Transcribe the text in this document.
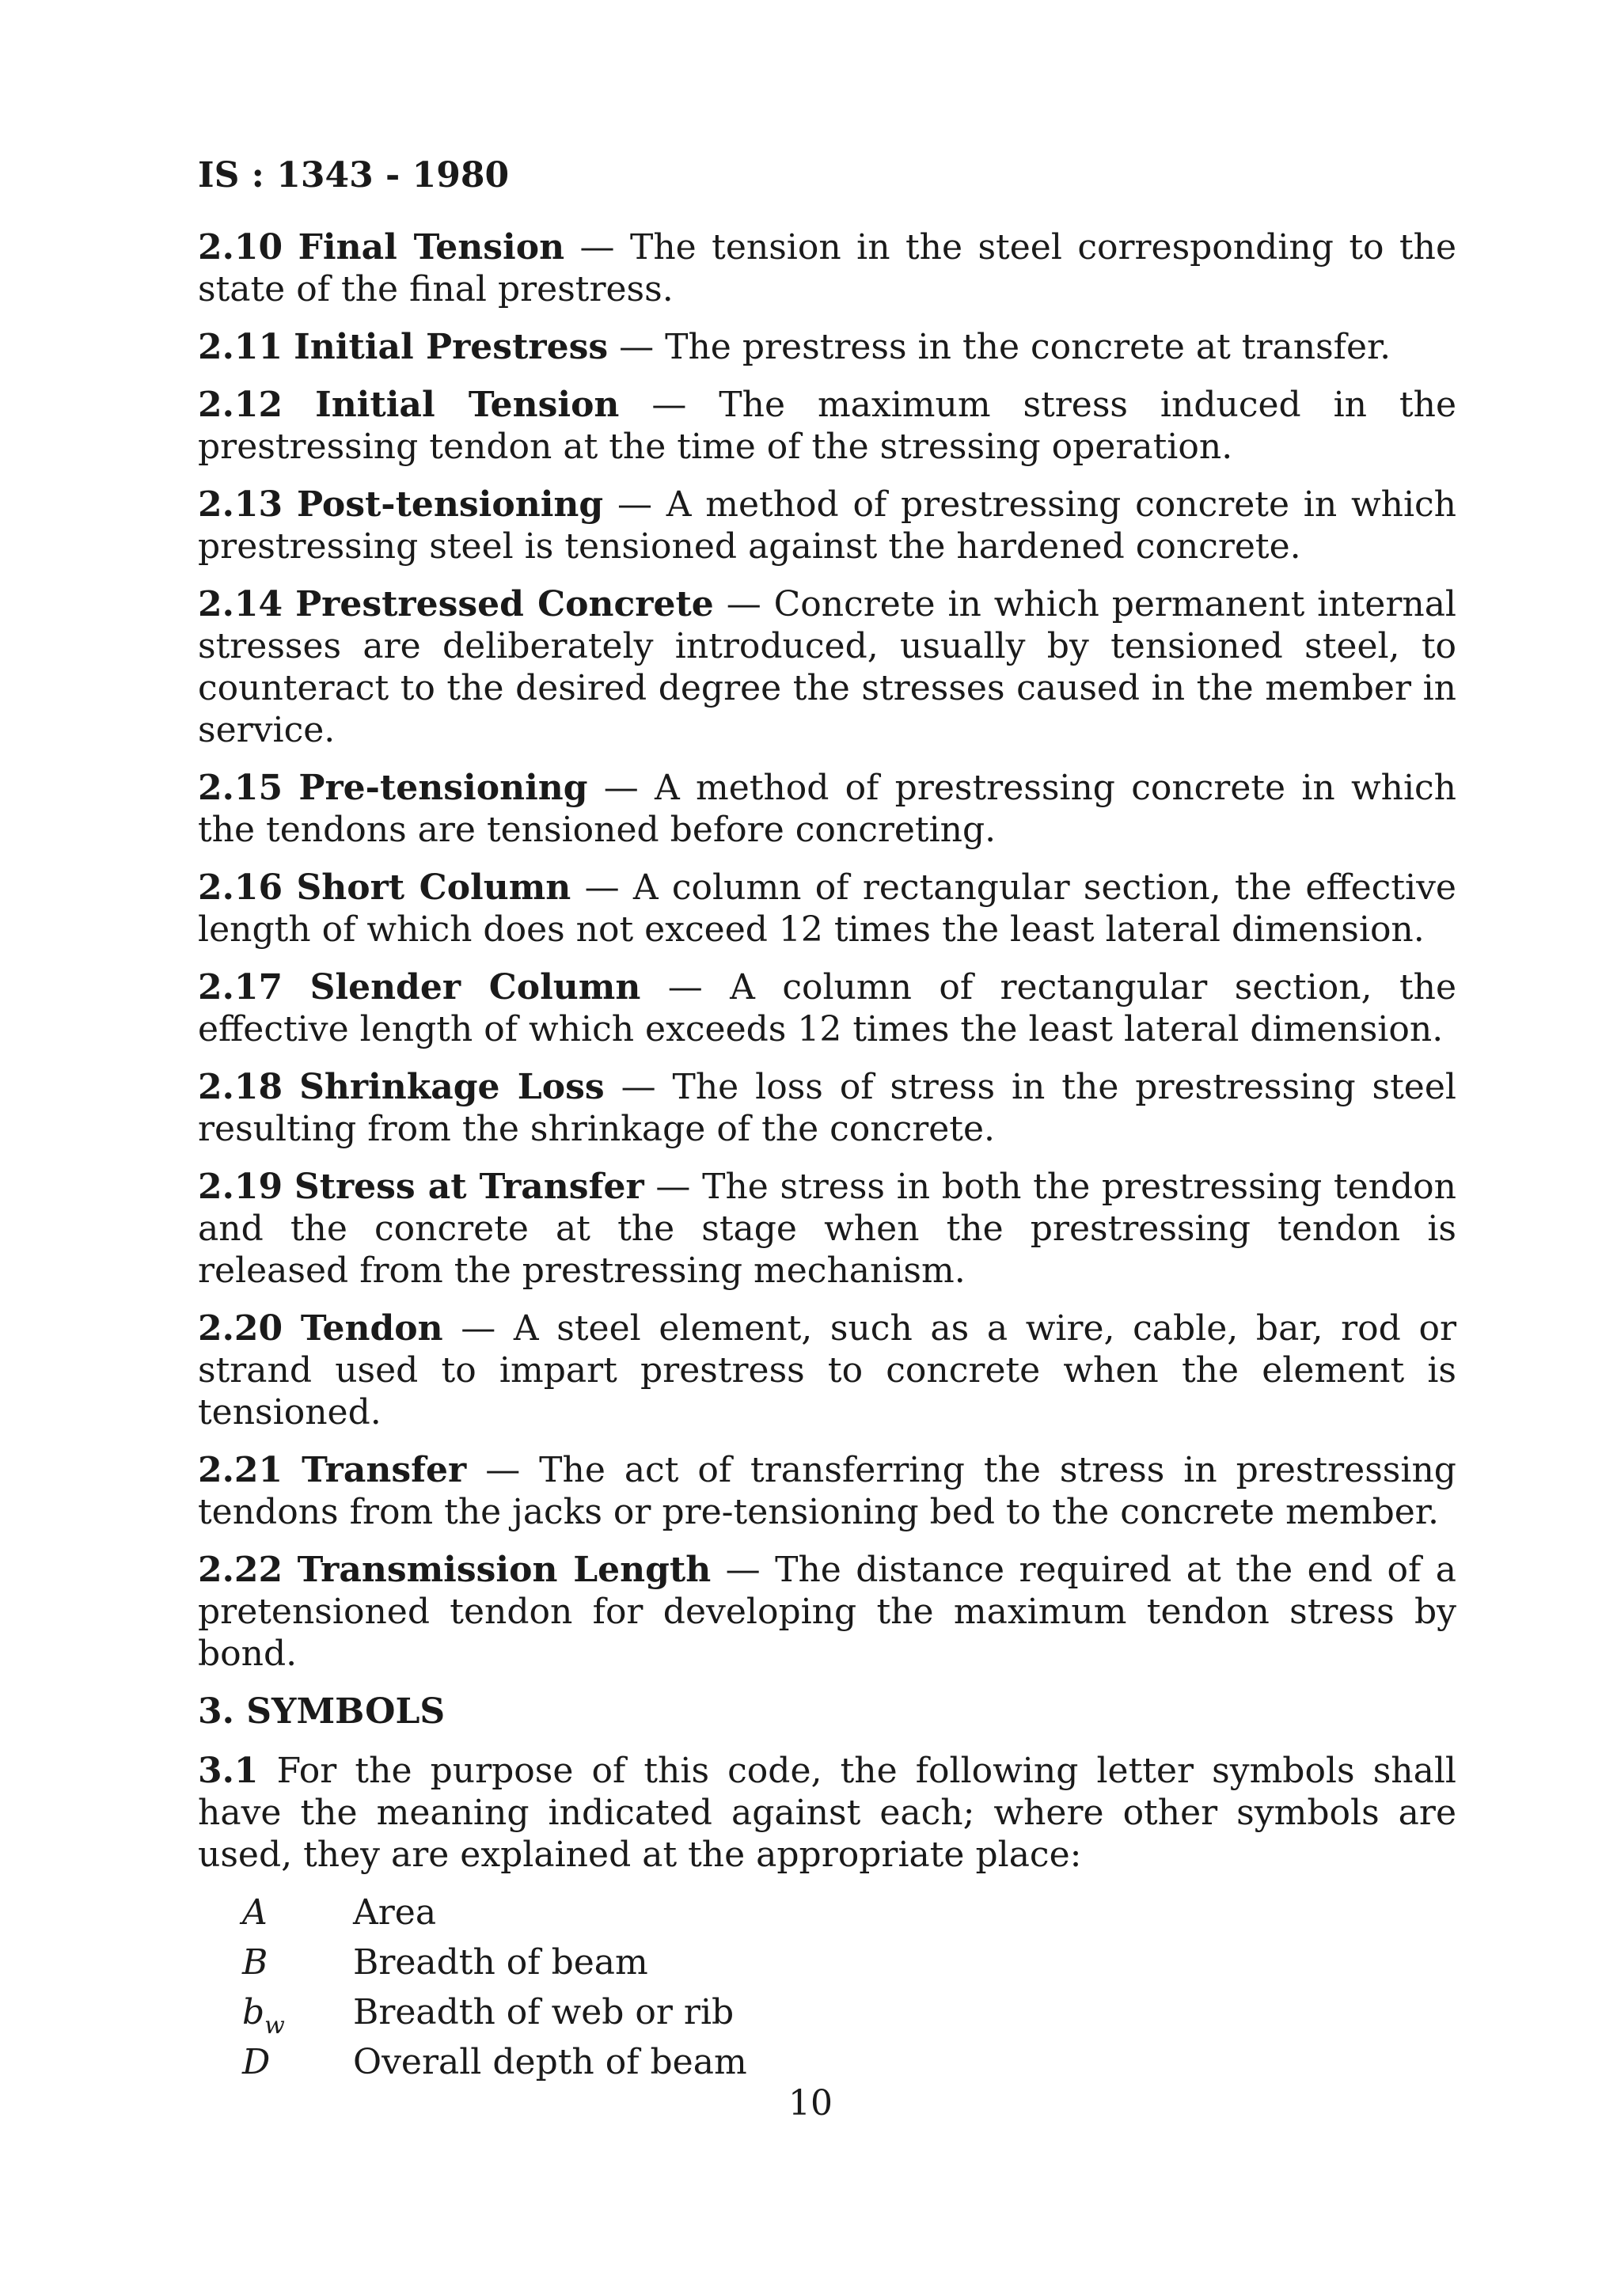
IS : 1343 - 1980

2.10 Final Tension — The tension in the steel corresponding to the state of the final prestress.

2.11 Initial Prestress — The prestress in the concrete at transfer.

2.12 Initial Tension — The maximum stress induced in the prestressing tendon at the time of the stressing operation.

2.13 Post-tensioning — A method of prestressing concrete in which prestressing steel is tensioned against the hardened concrete.

2.14 Prestressed Concrete — Concrete in which permanent internal stresses are deliberately introduced, usually by tensioned steel, to counteract to the desired degree the stresses caused in the member in service.

2.15 Pre-tensioning — A method of prestressing concrete in which the tendons are tensioned before concreting.

2.16 Short Column — A column of rectangular section, the effective length of which does not exceed 12 times the least lateral dimension.

2.17 Slender Column — A column of rectangular section, the effective length of which exceeds 12 times the least lateral dimension.

2.18 Shrinkage Loss — The loss of stress in the prestressing steel resulting from the shrinkage of the concrete.

2.19 Stress at Transfer — The stress in both the prestressing tendon and the concrete at the stage when the prestressing tendon is released from the prestressing mechanism.

2.20 Tendon — A steel element, such as a wire, cable, bar, rod or strand used to impart prestress to concrete when the element is tensioned.

2.21 Transfer — The act of transferring the stress in prestressing tendons from the jacks or pre-tensioning bed to the concrete member.

2.22 Transmission Length — The distance required at the end of a pretensioned tendon for developing the maximum tendon stress by bond.

3. SYMBOLS

3.1 For the purpose of this code, the following letter symbols shall have the meaning indicated against each; where other symbols are used, they are explained at the appropriate place:

A	Area
B	Breadth of beam
$b_w$	Breadth of web or rib
D	Overall depth of beam
10
